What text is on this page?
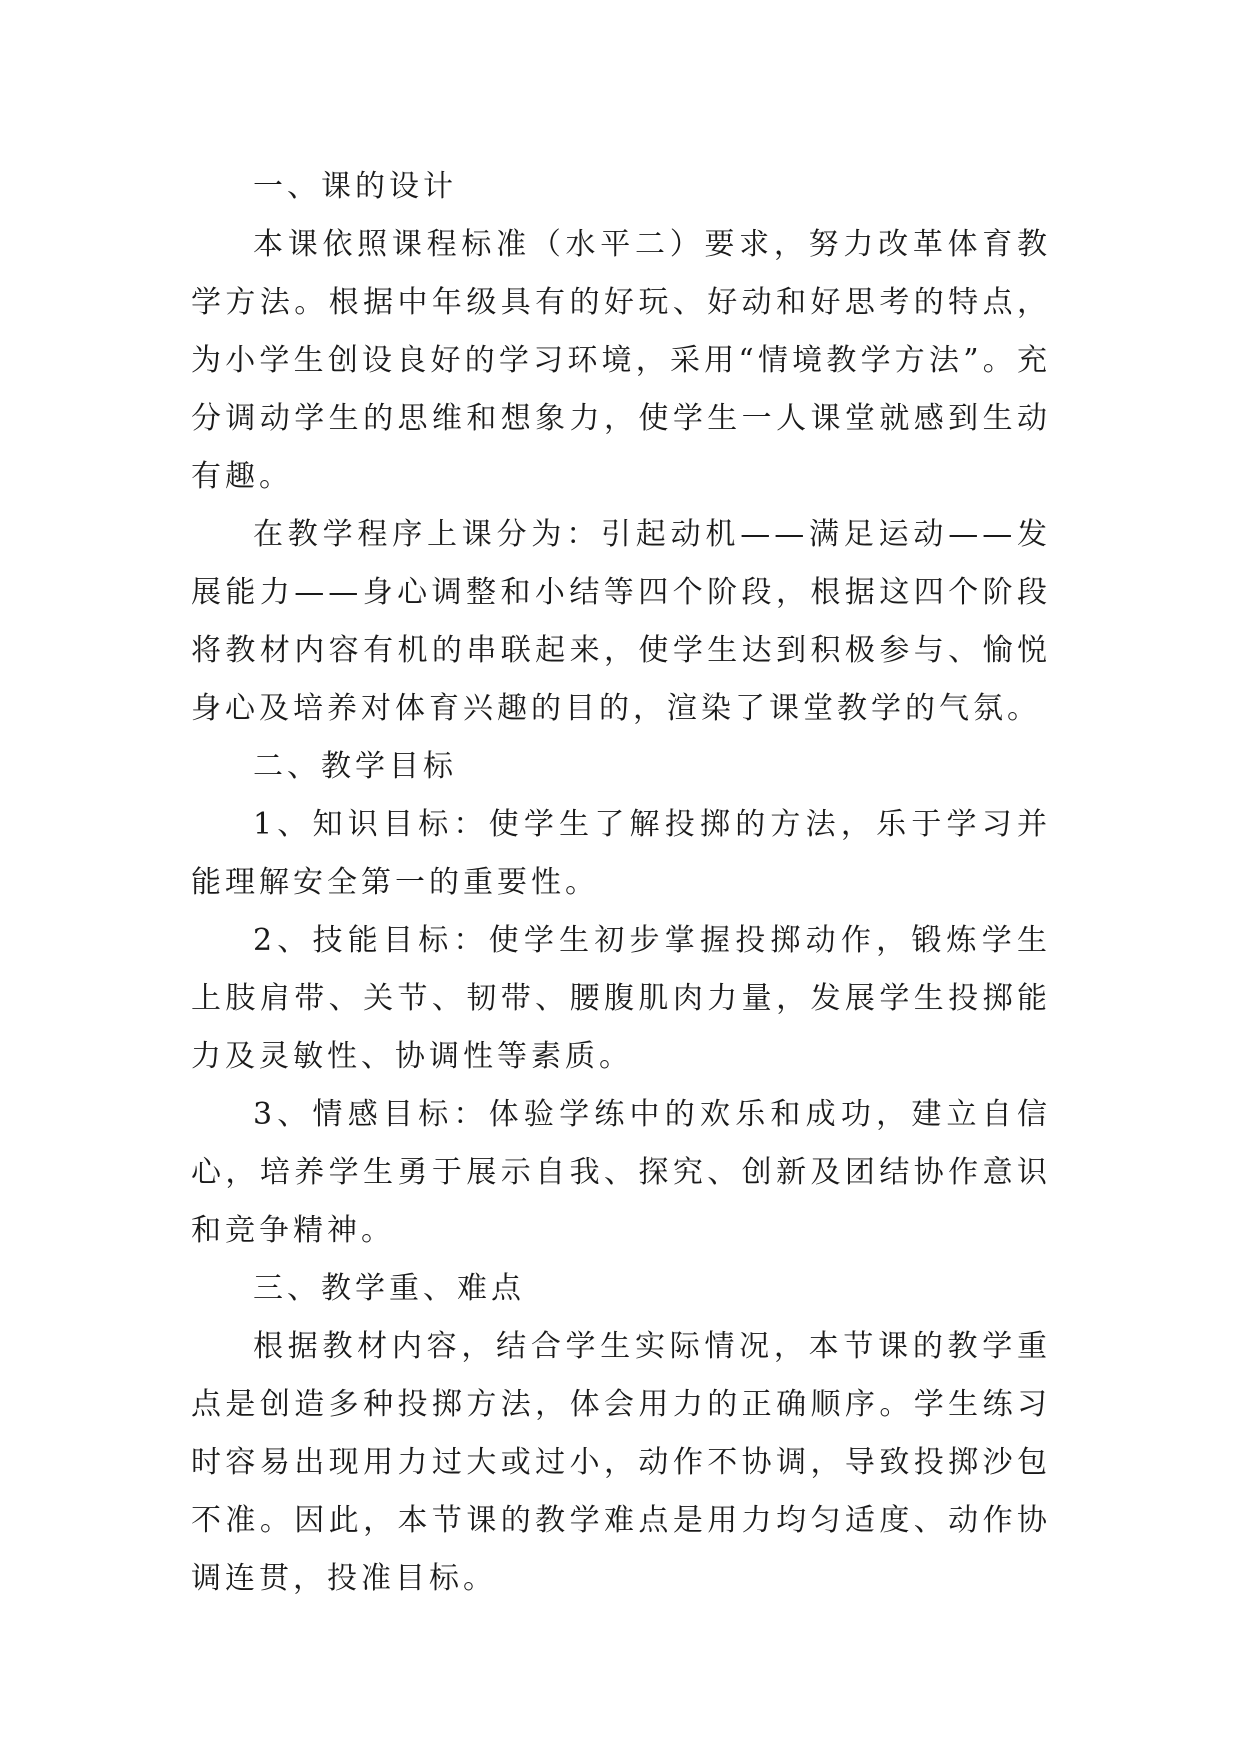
一、课的设计

本课依照课程标准（水平二）要求，努力改革体育教学方法。根据中年级具有的好玩、好动和好思考的特点，为小学生创设良好的学习环境，采用“情境教学方法”。充分调动学生的思维和想象力，使学生一人课堂就感到生动有趣。

在教学程序上课分为：引起动机——满足运动——发展能力——身心调整和小结等四个阶段，根据这四个阶段将教材内容有机的串联起来，使学生达到积极参与、愉悦身心及培养对体育兴趣的目的，渲染了课堂教学的气氛。

二、教学目标

1、知识目标：使学生了解投掷的方法，乐于学习并能理解安全第一的重要性。

2、技能目标：使学生初步掌握投掷动作，锻炼学生上肢肩带、关节、韧带、腰腹肌肉力量，发展学生投掷能力及灵敏性、协调性等素质。

3、情感目标：体验学练中的欢乐和成功，建立自信心，培养学生勇于展示自我、探究、创新及团结协作意识和竞争精神。

三、教学重、难点

根据教材内容，结合学生实际情况，本节课的教学重点是创造多种投掷方法，体会用力的正确顺序。学生练习时容易出现用力过大或过小，动作不协调，导致投掷沙包不准。因此，本节课的教学难点是用力均匀适度、动作协调连贯，投准目标。
